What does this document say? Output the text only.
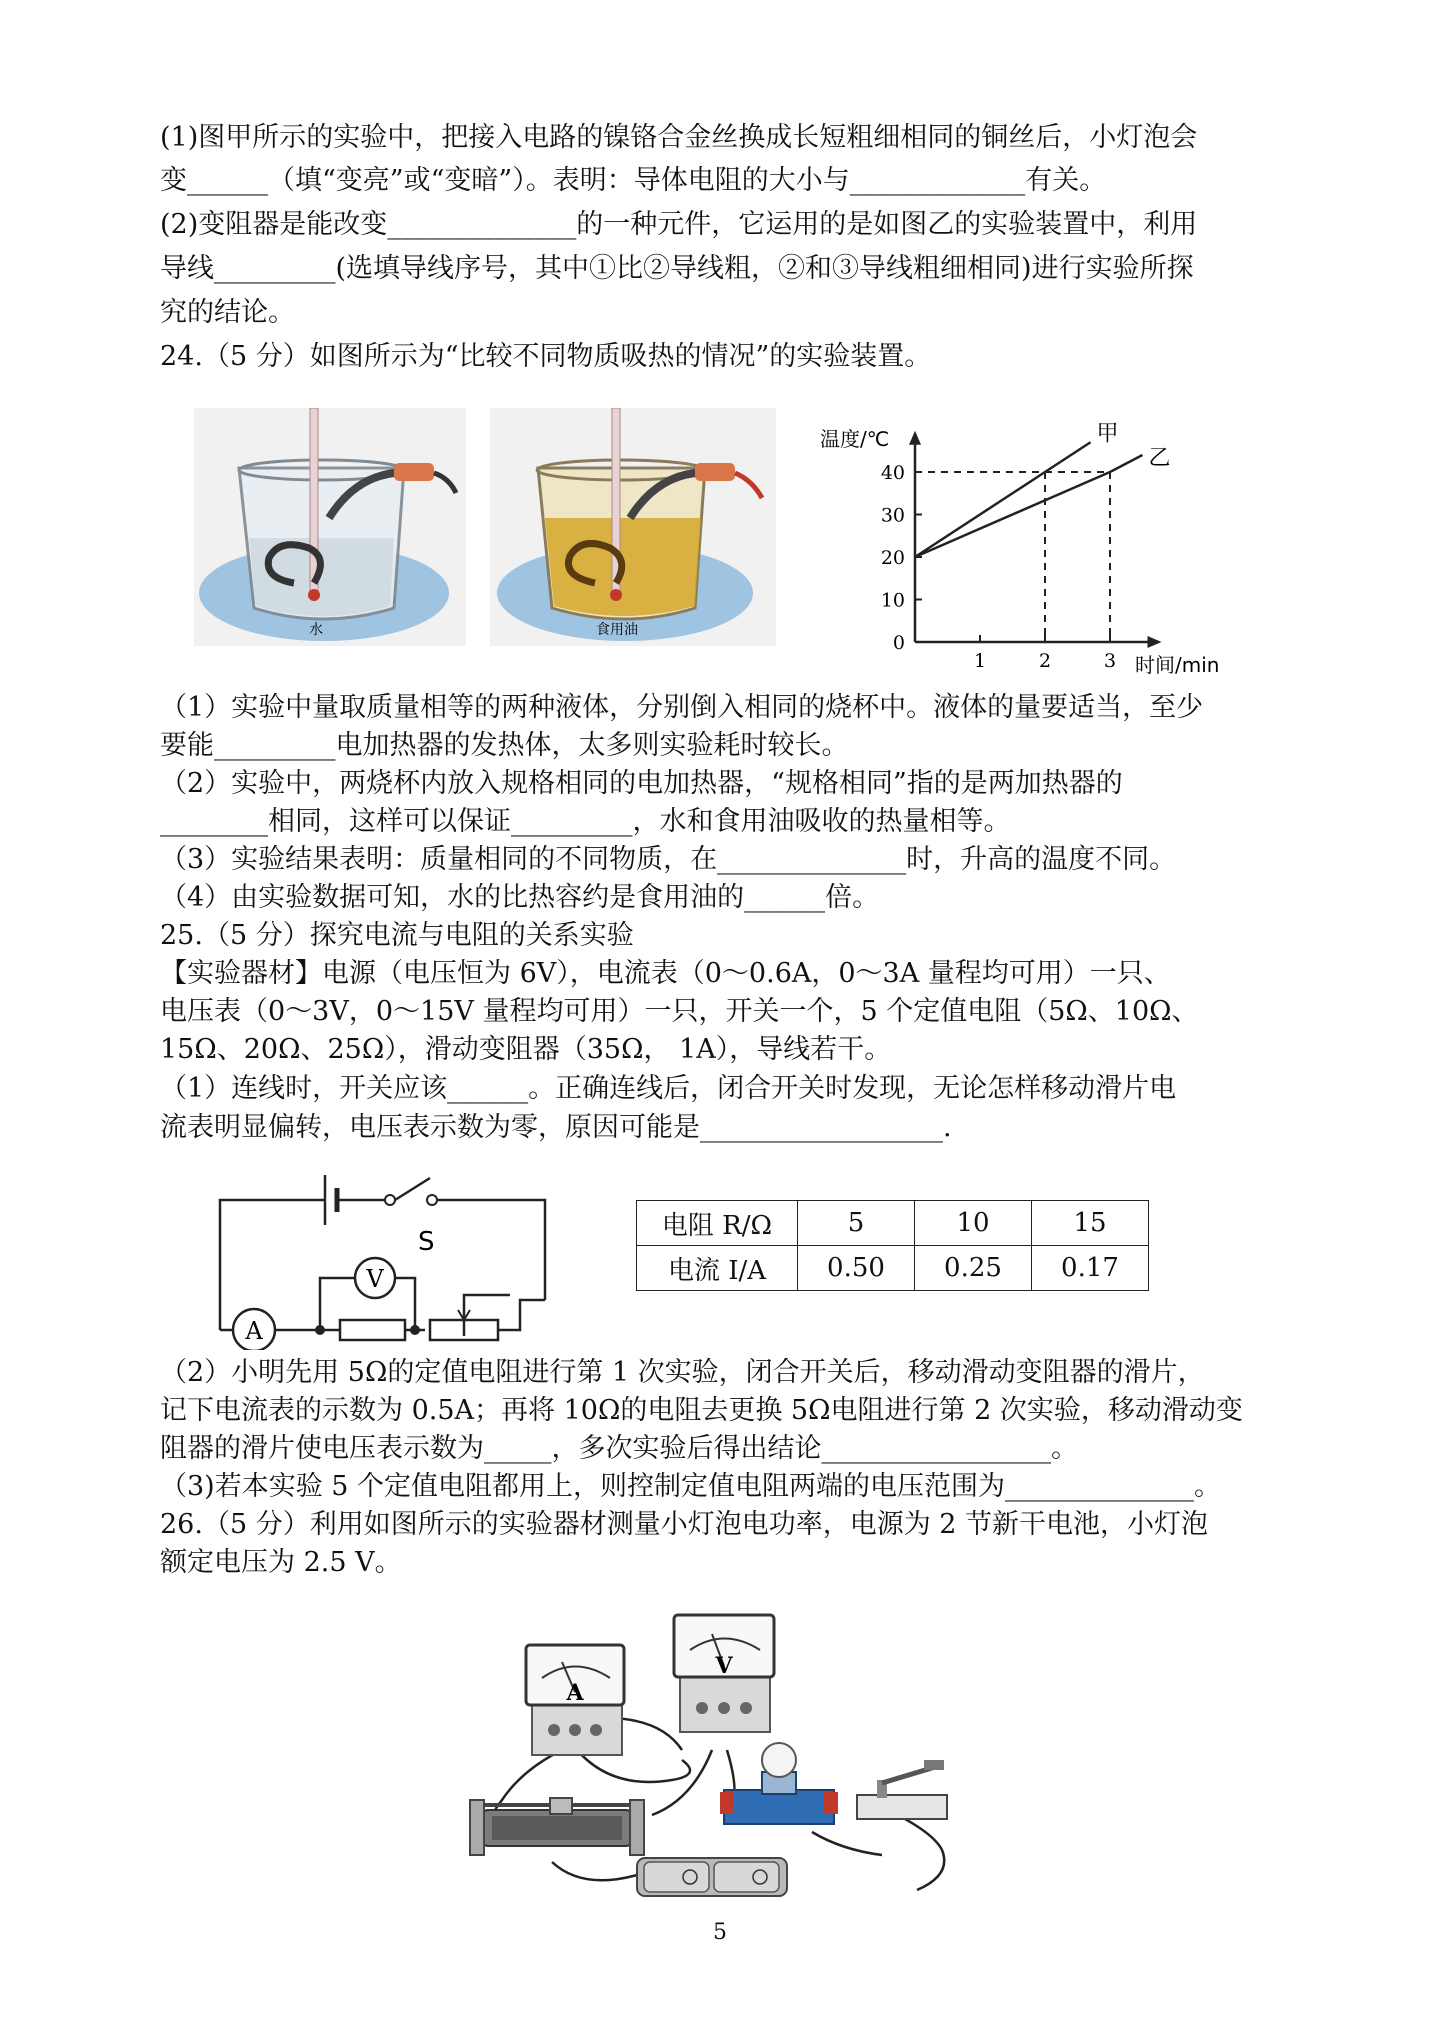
(1)图甲所示的实验中，把接入电路的镍铬合金丝换成长短粗细相同的铜丝后，小灯泡会
变______（填“变亮”或“变暗”）。表明：导体电阻的大小与_____________有关。
(2)变阻器是能改变______________的一种元件，它运用的是如图乙的实验装置中，利用
导线_________(选填导线序号，其中①比②导线粗，②和③导线粗细相同)进行实验所探
究的结论。
24.（5 分）如图所示为“比较不同物质吸热的情况”的实验装置。
水	食用油
温度/℃
时间/min
0
10
20
30
40
1	2	3
甲
乙
（1）实验中量取质量相等的两种液体，分别倒入相同的烧杯中。液体的量要适当，至少
要能_________电加热器的发热体，太多则实验耗时较长。
（2）实验中，两烧杯内放入规格相同的电加热器，“规格相同”指的是两加热器的
________相同，这样可以保证_________，水和食用油吸收的热量相等。
（3）实验结果表明：质量相同的不同物质，在______________时，升高的温度不同。
（4）由实验数据可知，水的比热容约是食用油的______倍。
25.（5 分）探究电流与电阻的关系实验
【实验器材】电源（电压恒为 6V），电流表（0～0.6A，0～3A 量程均可用）一只、
电压表（0～3V，0～15V 量程均可用）一只，开关一个，5 个定值电阻（5Ω、10Ω、
15Ω、20Ω、25Ω），滑动变阻器（35Ω， 1A），导线若干。
（1）连线时，开关应该______。正确连线后，闭合开关时发现，无论怎样移动滑片电
流表明显偏转，电压表示数为零，原因可能是__________________.
S
V
A
电阻 R/Ω	5	10	15
电流 I/A	0.50	0.25	0.17
（2）小明先用 5Ω的定值电阻进行第 1 次实验，闭合开关后，移动滑动变阻器的滑片，
记下电流表的示数为 0.5A；再将 10Ω的电阻去更换 5Ω电阻进行第 2 次实验，移动滑动变
阻器的滑片使电压表示数为_____，多次实验后得出结论_________________。
（3)若本实验 5 个定值电阻都用上，则控制定值电阻两端的电压范围为______________。
26.（5 分）利用如图所示的实验器材测量小灯泡电功率，电源为 2 节新干电池，小灯泡
额定电压为 2.5 V。
A
V
5
